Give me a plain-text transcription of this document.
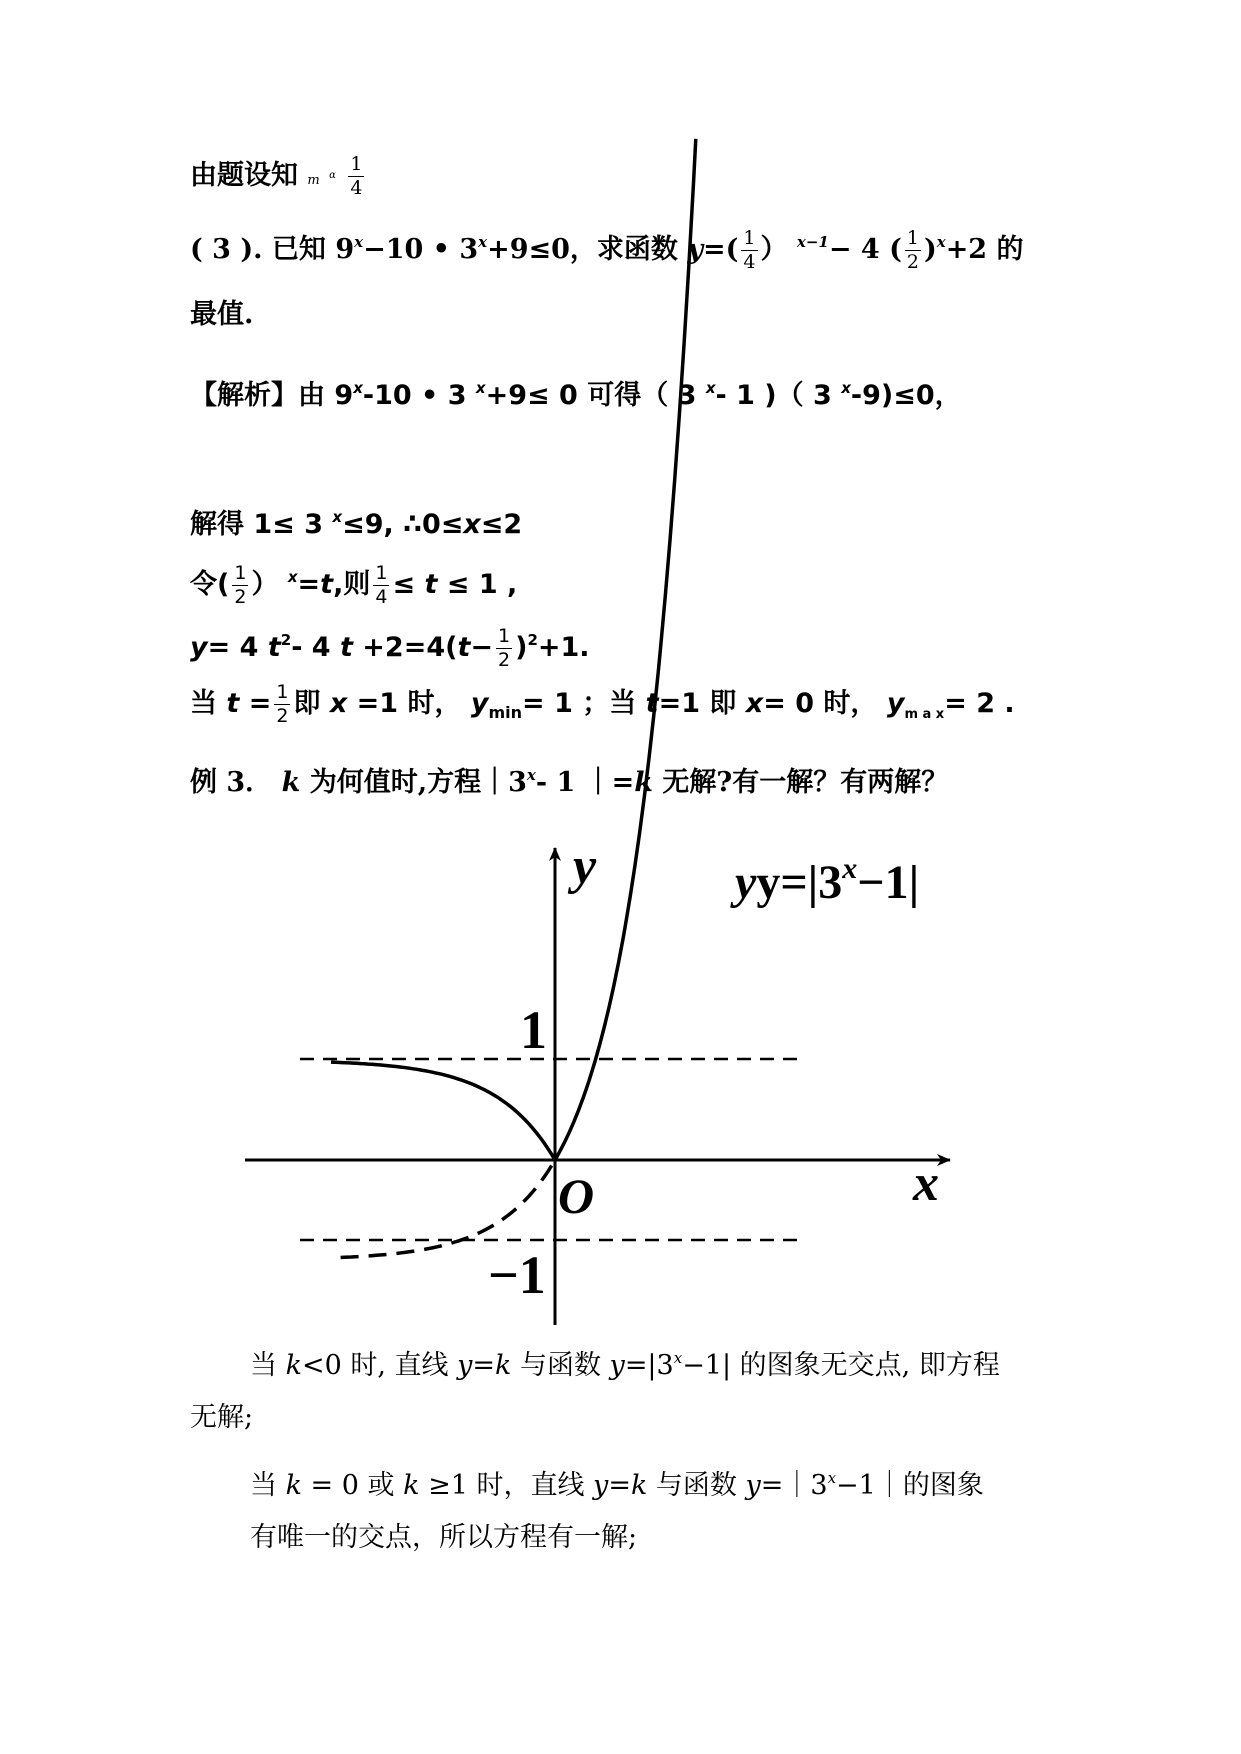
由题设知 m $^\alpha \frac{1}{4}$
( 3 ). 已知 $9^x-10$ • $3^x+9\le 0$，求函数 $y=( \frac{1}{4}$ ） $^{x-1}$− 4 ( $\frac{1}{2} )^x+2$ 的
最值.
【解析】由 9$^x$-10 • 3 $^x$+9≤ 0 可得（ 3 $^x$- 1 )（ 3 $^x$-9)≤0，
解得 1≤ 3 $^x$≤9, ∴0≤x≤2
令( $\frac{1}{2}$ ） $^x$=t,则 $\frac{1}{4} \le t \le 1$ ,
y= 4 $t^2-$ 4 $t +2=4(t- \frac{1}{2} )^2+1$.
当 $t = \frac{1}{2}$ 即 x =1 时， $y_{min}= 1$ ；当 t=1 即 x= 0 时， $y_{m a x}= 2$ .
例 3． k 为何值时,方程｜3$^x$- 1 ｜=k 无解?有一解？有两解？
y
x
O
1
−1
$yy=|3^x-1|$
当 k<0 时, 直线 y=k 与函数 $y=|3^x-1|$ 的图象无交点, 即方程
无解;
当 k = 0 或 k ≥1 时，直线 y=k 与函数 $y=|3^x-1|$的图象
有唯一的交点，所以方程有一解;
